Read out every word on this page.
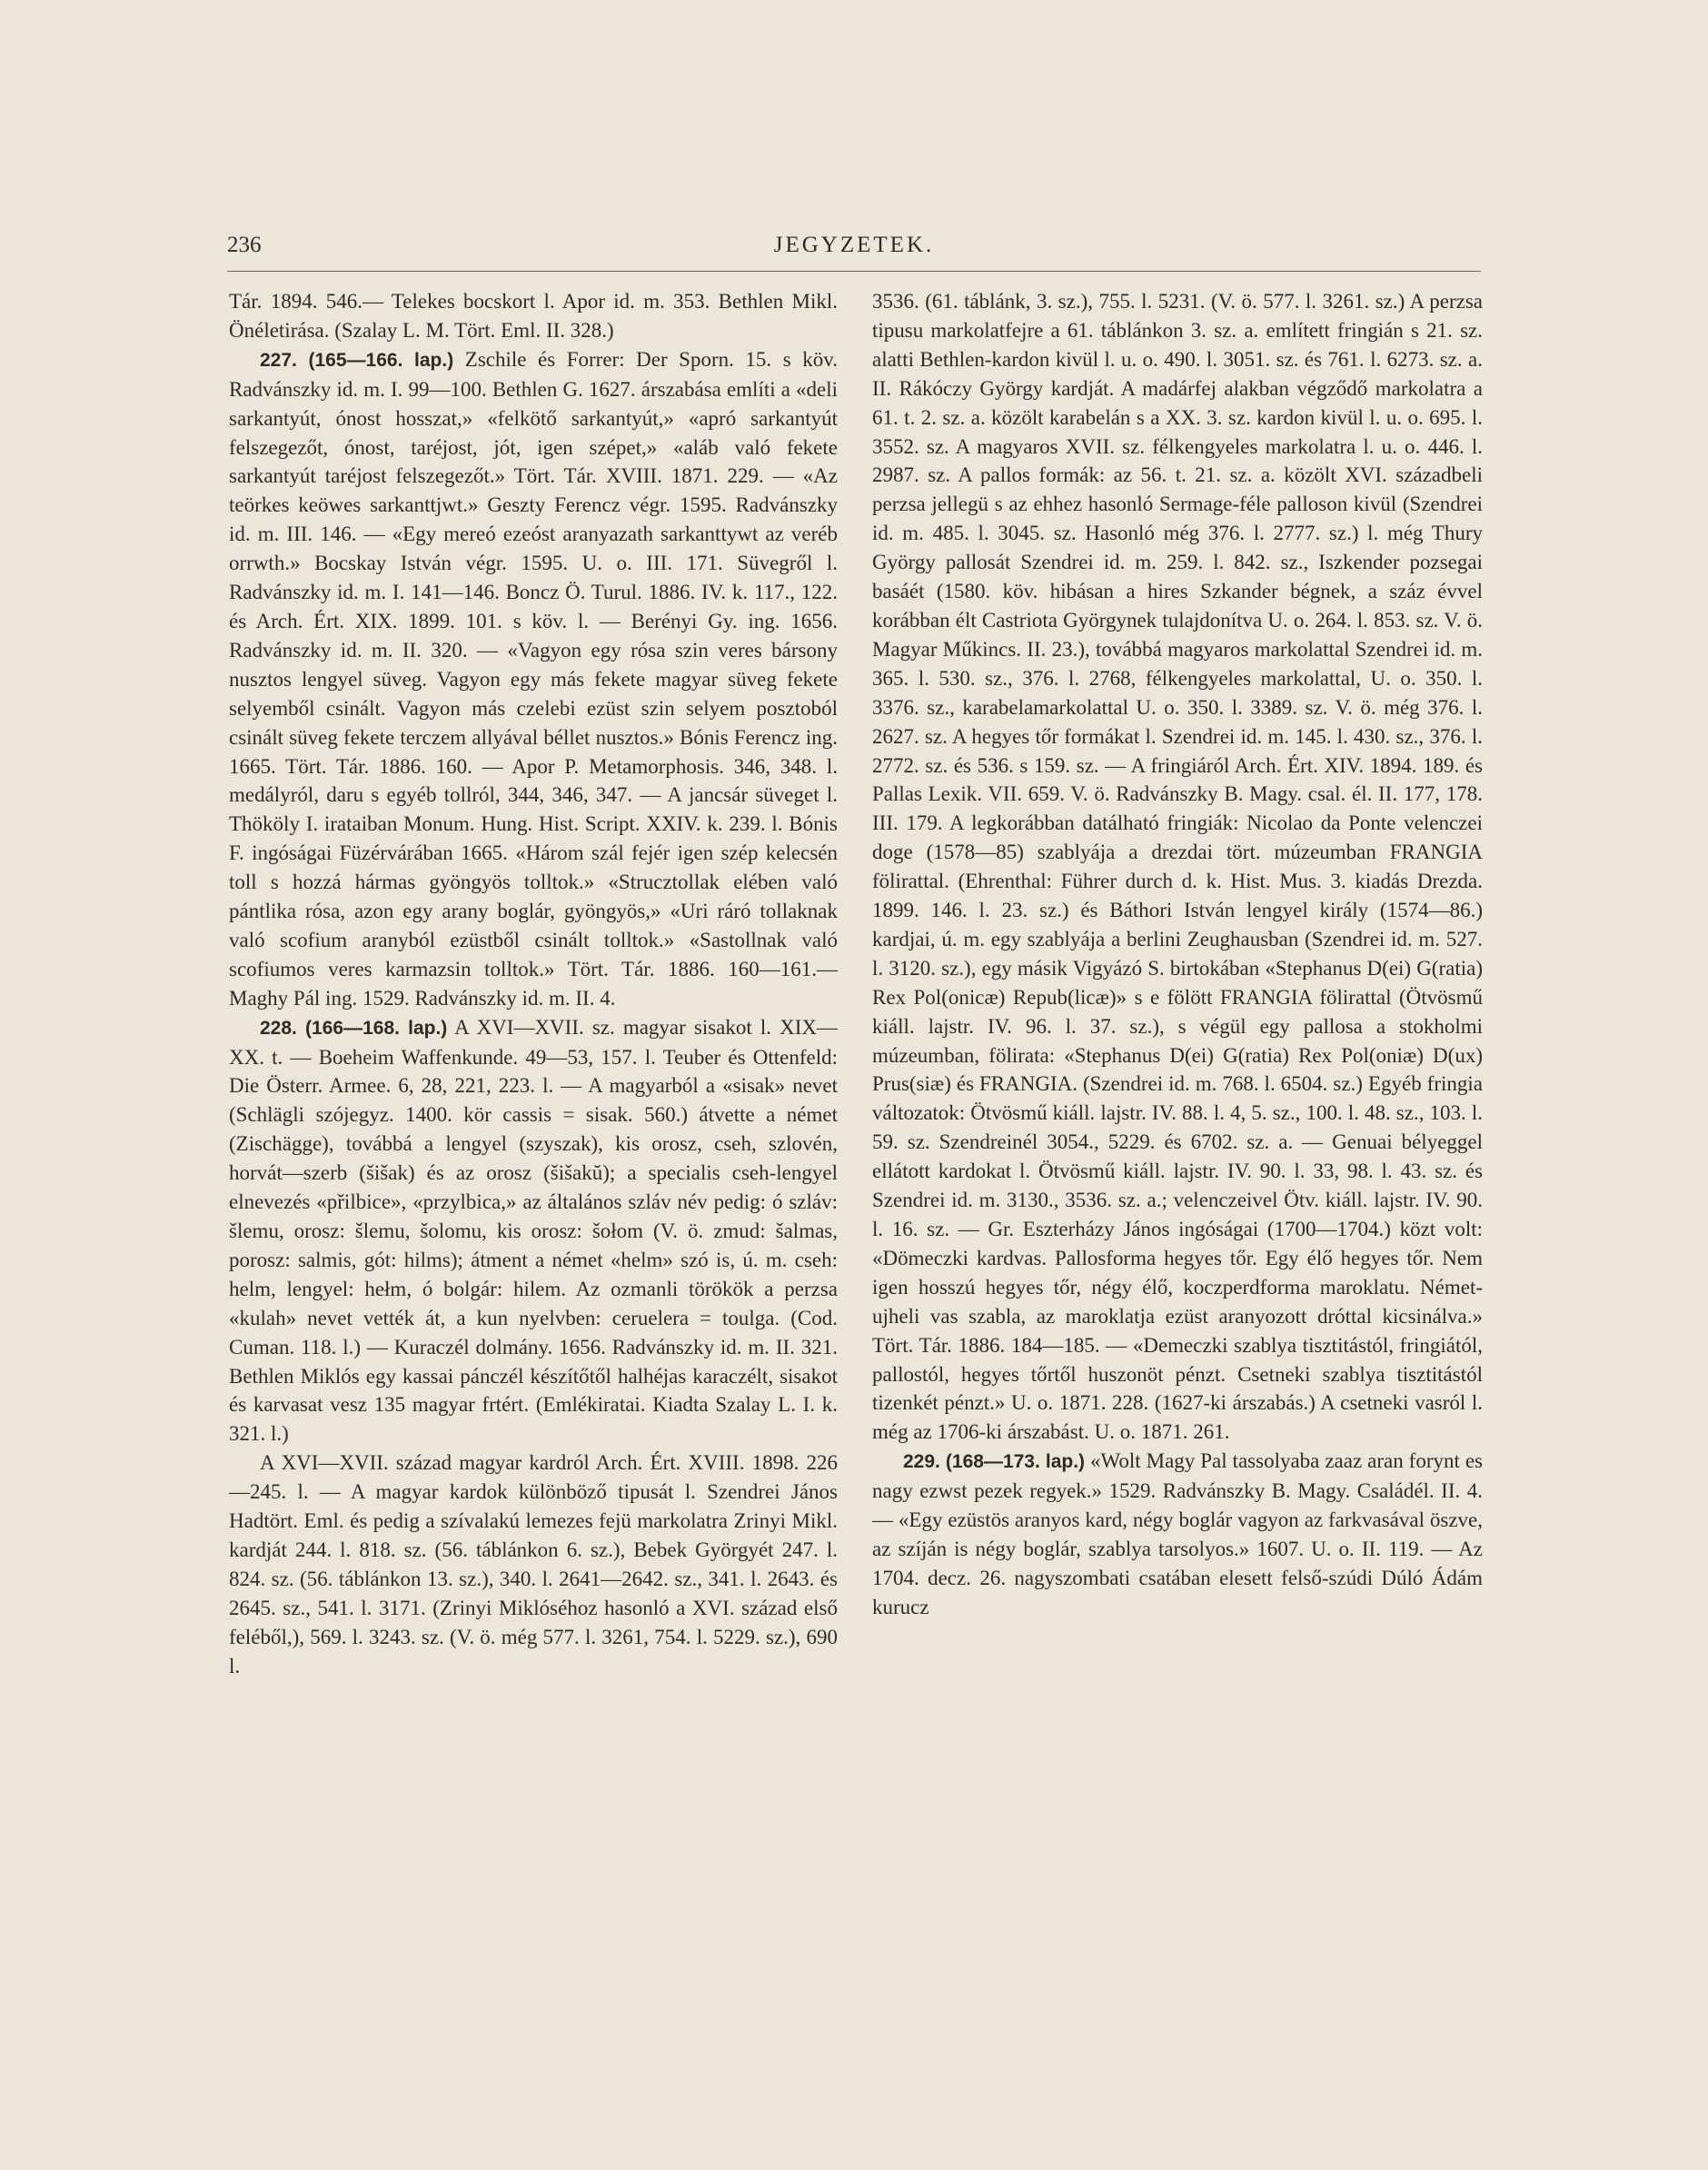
236	JEGYZETEK.

Tár. 1894. 546.— Telekes bocskort l. Apor id. m. 353. Bethlen Mikl. Önéletirása. (Szalay L. M. Tört. Eml. II. 328.)

227. (165—166. lap.) Zschile és Forrer: Der Sporn. 15. s köv. Radvánszky id. m. I. 99—100. Bethlen G. 1627. árszabása említi a «deli sarkantyút, ónost hosszat,» «felkötő sarkantyút,» «apró sarkantyút felszegezőt, ónost, taréjost, jót, igen szépet,» «aláb való fekete sarkantyút taréjost felszegezőt.» Tört. Tár. XVIII. 1871. 229. — «Az teörkes keöwes sarkanttjwt.» Geszty Ferencz végr. 1595. Radvánszky id. m. III. 146. — «Egy mereó ezeóst aranyazath sarkanttywt az veréb orrwth.» Bocskay István végr. 1595. U. o. III. 171. Süvegről l. Radvánszky id. m. I. 141—146. Boncz Ö. Turul. 1886. IV. k. 117., 122. és Arch. Ért. XIX. 1899. 101. s köv. l. — Berényi Gy. ing. 1656. Radvánszky id. m. II. 320. — «Vagyon egy rósa szin veres bársony nusztos lengyel süveg. Vagyon egy más fekete magyar süveg fekete selyemből csinált. Vagyon más czelebi ezüst szin selyem posztoból csinált süveg fekete terczem allyával béllet nusztos.» Bónis Ferencz ing. 1665. Tört. Tár. 1886. 160. — Apor P. Metamorphosis. 346, 348. l. medályról, daru s egyéb tollról, 344, 346, 347. — A jancsár süveget l. Thököly I. irataiban Monum. Hung. Hist. Script. XXIV. k. 239. l. Bónis F. ingóságai Füzérvárában 1665. «Három szál fejér igen szép kelecsén toll s hozzá hármas gyöngyös tolltok.» «Strucztollak elében való pántlika rósa, azon egy arany boglár, gyöngyös,» «Uri ráró tollaknak való scofium aranyból ezüstből csinált tolltok.» «Sastollnak való scofiumos veres karmazsin tolltok.» Tört. Tár. 1886. 160—161.— Maghy Pál ing. 1529. Radvánszky id. m. II. 4.

228. (166—168. lap.) A XVI—XVII. sz. magyar sisakot l. XIX—XX. t. — Boeheim Waffenkunde. 49—53, 157. l. Teuber és Ottenfeld: Die Österr. Armee. 6, 28, 221, 223. l. — A magyarból a «sisak» nevet (Schlägli szójegyz. 1400. kör cassis = sisak. 560.) átvette a német (Zischägge), továbbá a lengyel (szyszak), kis orosz, cseh, szlovén, horvát—szerb (šišak) és az orosz (šišakŭ); a specialis cseh-lengyel elnevezés «přilbice», «przylbica,» az általános szláv név pedig: ó szláv: šlemu, orosz: šlemu, šolomu, kis orosz: šołom (V. ö. zmud: šalmas, porosz: salmis, gót: hilms); átment a német «helm» szó is, ú. m. cseh: helm, lengyel: hełm, ó bolgár: hilem. Az ozmanli törökök a perzsa «kulah» nevet vették át, a kun nyelvben: ceruelera = toulga. (Cod. Cuman. 118. l.) — Kuraczél dolmány. 1656. Radvánszky id. m. II. 321. Bethlen Miklós egy kassai pánczél készítőtől halhéjas karaczélt, sisakot és karvasat vesz 135 magyar frtért. (Emlékiratai. Kiadta Szalay L. I. k. 321. l.)

A XVI—XVII. század magyar kardról Arch. Ért. XVIII. 1898. 226—245. l. — A magyar kardok különböző tipusát l. Szendrei János Hadtört. Eml. és pedig a szívalakú lemezes fejü markolatra Zrinyi Mikl. kardját 244. l. 818. sz. (56. táblánkon 6. sz.), Bebek Györgyét 247. l. 824. sz. (56. táblánkon 13. sz.), 340. l. 2641—2642. sz., 341. l. 2643. és 2645. sz., 541. l. 3171. (Zrinyi Miklóséhoz hasonló a XVI. század első feléből,), 569. l. 3243. sz. (V. ö. még 577. l. 3261, 754. l. 5229. sz.), 690 l.

3536. (61. táblánk, 3. sz.), 755. l. 5231. (V. ö. 577. l. 3261. sz.) A perzsa tipusu markolatfejre a 61. táblánkon 3. sz. a. említett fringián s 21. sz. alatti Bethlen-kardon kivül l. u. o. 490. l. 3051. sz. és 761. l. 6273. sz. a. II. Rákóczy György kardját. A madárfej alakban végződő markolatra a 61. t. 2. sz. a. közölt karabelán s a XX. 3. sz. kardon kivül l. u. o. 695. l. 3552. sz. A magyaros XVII. sz. félkengyeles markolatra l. u. o. 446. l. 2987. sz. A pallos formák: az 56. t. 21. sz. a. közölt XVI. századbeli perzsa jellegü s az ehhez hasonló Sermage-féle palloson kivül (Szendrei id. m. 485. l. 3045. sz. Hasonló még 376. l. 2777. sz.) l. még Thury György pallosát Szendrei id. m. 259. l. 842. sz., Iszkender pozsegai basáét (1580. köv. hibásan a hires Szkander bégnek, a száz évvel korábban élt Castriota Györgynek tulajdonítva U. o. 264. l. 853. sz. V. ö. Magyar Műkincs. II. 23.), továbbá magyaros markolattal Szendrei id. m. 365. l. 530. sz., 376. l. 2768, félkengyeles markolattal, U. o. 350. l. 3376. sz., karabelamarkolattal U. o. 350. l. 3389. sz. V. ö. még 376. l. 2627. sz. A hegyes tőr formákat l. Szendrei id. m. 145. l. 430. sz., 376. l. 2772. sz. és 536. s 159. sz. — A fringiáról Arch. Ért. XIV. 1894. 189. és Pallas Lexik. VII. 659. V. ö. Radvánszky B. Magy. csal. él. II. 177, 178. III. 179. A legkorábban datálható fringiák: Nicolao da Ponte velenczei doge (1578—85) szablyája a drezdai tört. múzeumban FRANGIA fölirattal. (Ehrenthal: Führer durch d. k. Hist. Mus. 3. kiadás Drezda. 1899. 146. l. 23. sz.) és Báthori István lengyel király (1574—86.) kardjai, ú. m. egy szablyája a berlini Zeughausban (Szendrei id. m. 527. l. 3120. sz.), egy másik Vigyázó S. birtokában «Stephanus D(ei) G(ratia) Rex Pol(onicæ) Repub(licæ)» s e fölött FRANGIA fölirattal (Ötvösmű kiáll. lajstr. IV. 96. l. 37. sz.), s végül egy pallosa a stokholmi múzeumban, fölirata: «Stephanus D(ei) G(ratia) Rex Pol(oniæ) D(ux) Prus(siæ) és FRANGIA. (Szendrei id. m. 768. l. 6504. sz.) Egyéb fringia változatok: Ötvösmű kiáll. lajstr. IV. 88. l. 4, 5. sz., 100. l. 48. sz., 103. l. 59. sz. Szendreinél 3054., 5229. és 6702. sz. a. — Genuai bélyeggel ellátott kardokat l. Ötvösmű kiáll. lajstr. IV. 90. l. 33, 98. l. 43. sz. és Szendrei id. m. 3130., 3536. sz. a.; velenczeivel Ötv. kiáll. lajstr. IV. 90. l. 16. sz. — Gr. Eszterházy János ingóságai (1700—1704.) közt volt: «Dömeczki kardvas. Pallosforma hegyes tőr. Egy élő hegyes tőr. Nem igen hosszú hegyes tőr, négy élő, koczperdforma maroklatu. Német-ujheli vas szabla, az maroklatja ezüst aranyozott dróttal kicsinálva.» Tört. Tár. 1886. 184—185. — «Demeczki szablya tisztitástól, fringiától, pallostól, hegyes tőrtől huszonöt pénzt. Csetneki szablya tisztitástól tizenkét pénzt.» U. o. 1871. 228. (1627-ki árszabás.) A csetneki vasról l. még az 1706-ki árszabást. U. o. 1871. 261.

229. (168—173. lap.) «Wolt Magy Pal tassolyaba zaaz aran forynt es nagy ezwst pezek regyek.» 1529. Radvánszky B. Magy. Családél. II. 4. — «Egy ezüstös aranyos kard, négy boglár vagyon az farkvasával öszve, az szíján is négy boglár, szablya tarsolyos.» 1607. U. o. II. 119. — Az 1704. decz. 26. nagyszombati csatában elesett felső-szúdi Dúló Ádám kurucz
